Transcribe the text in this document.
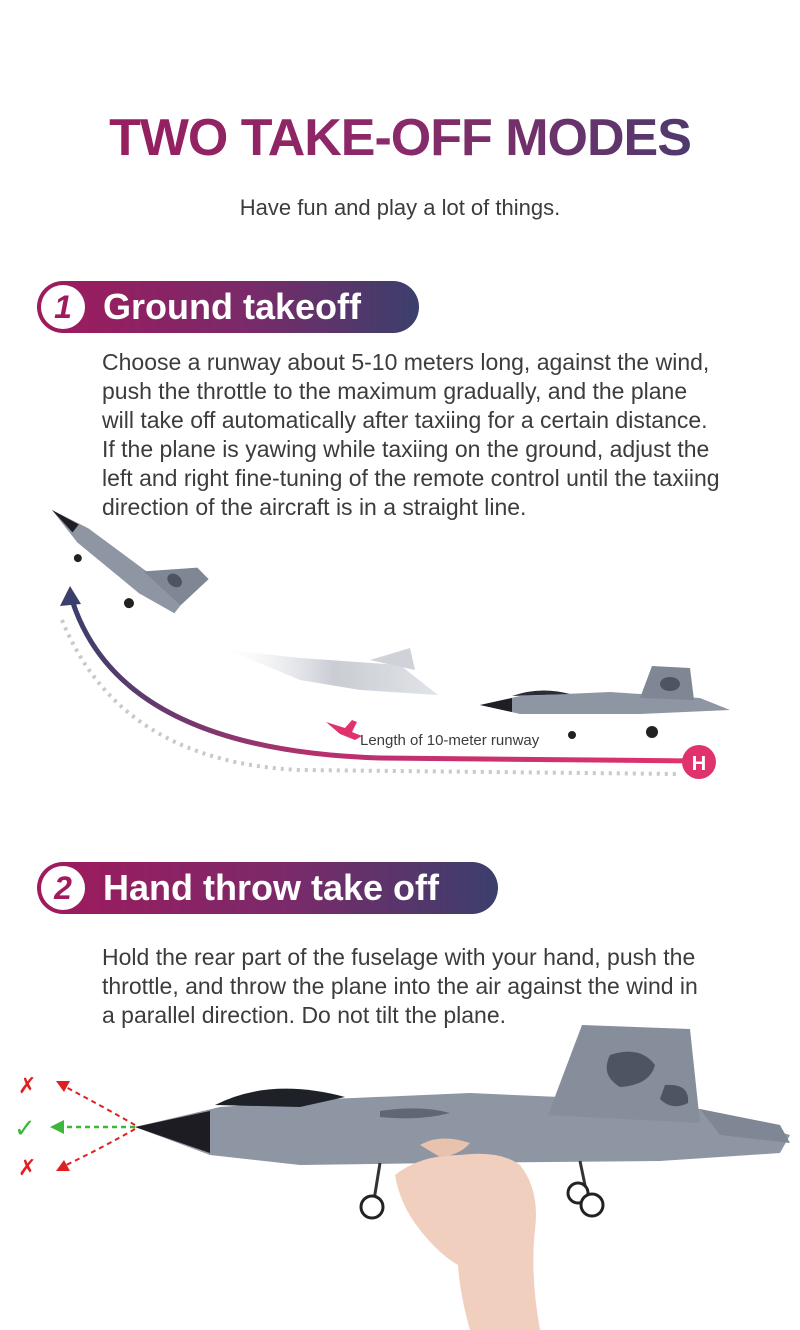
TWO TAKE-OFF MODES
Have fun and play a lot of things.
1 Ground takeoff
Choose a runway about 5-10 meters long, against the wind,
push the throttle to the maximum gradually, and the plane
will take off automatically after taxiing for a certain distance.
If the plane is yawing while taxiing on the ground, adjust the
left and right fine-tuning of the remote control until the taxiing
direction of the aircraft is in a straight line.
H
Length of 10-meter runway
2 Hand throw take off
Hold the rear part of the fuselage with your hand, push the
throttle, and throw the plane into the air against the wind in
a parallel direction. Do not tilt the plane.
✗
✓
✗
